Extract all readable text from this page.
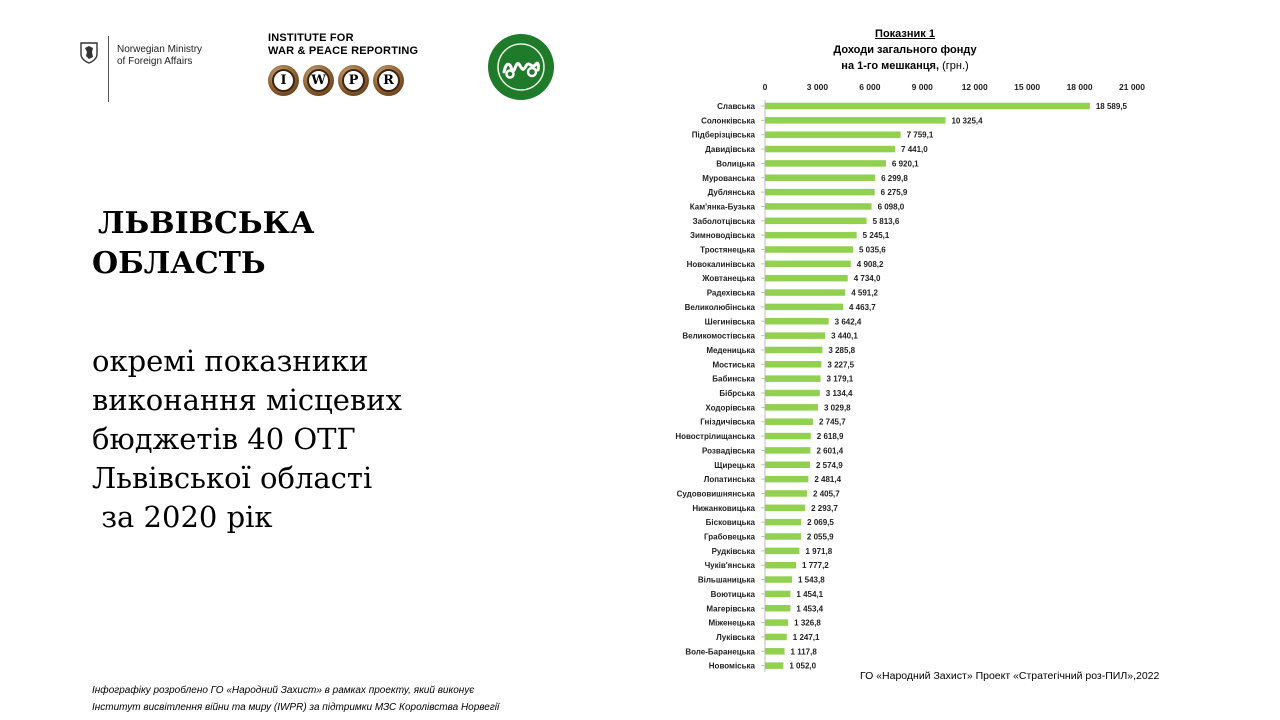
Norwegian Ministry
of Foreign Affairs
INSTITUTE FOR
WAR & PEACE REPORTING
I	W	P	R
ЛЬВІВСЬКА
ОБЛАСТЬ
окремі показники
виконання місцевих
бюджетів 40 ОТГ
Львівської області
за 2020 рік
Інфографіку розроблено ГО «Народний Захист» в рамках проекту, який виконує
Інститут висвітлення війни та миру (IWPR) за підтримки МЗС Королівства Норвегії
ГО «Народний Захист» Проект «Стратегічний роз-ПИЛ»,2022
Показник 1
Доходи загального фонду
на 1-го мешканця, (грн.)
0	3 000	6 000	9 000	12 000	15 000	18 000	21 000
Славська	18 589,5
Солонківська	10 325,4
Підберізцівська	7 759,1
Давидівська	7 441,0
Волицька	6 920,1
Мурованська	6 299,8
Дублянська	6 275,9
Кам'янка-Бузька	6 098,0
Заболотцівська	5 813,6
Зимноводівська	5 245,1
Тростянецька	5 035,6
Новокалинівська	4 908,2
Жовтанецька	4 734,0
Радехівська	4 591,2
Великолюбінська	4 463,7
Шегинівська	3 642,4
Великомостівська	3 440,1
Меденицька	3 285,8
Мостиська	3 227,5
Бабинська	3 179,1
Бібрська	3 134,4
Ходорівська	3 029,8
Гніздичівська	2 745,7
Новострілищанська	2 618,9
Розвадівська	2 601,4
Щирецька	2 574,9
Лопатинська	2 481,4
Судововишнянська	2 405,7
Нижанковицька	2 293,7
Бісковицька	2 069,5
Грабовецька	2 055,9
Рудківська	1 971,8
Чуків'янська	1 777,2
Вільшаницька	1 543,8
Воютицька	1 454,1
Магерівська	1 453,4
Міженецька	1 326,8
Луківська	1 247,1
Воле-Баранецька	1 117,8
Новоміська	1 052,0
